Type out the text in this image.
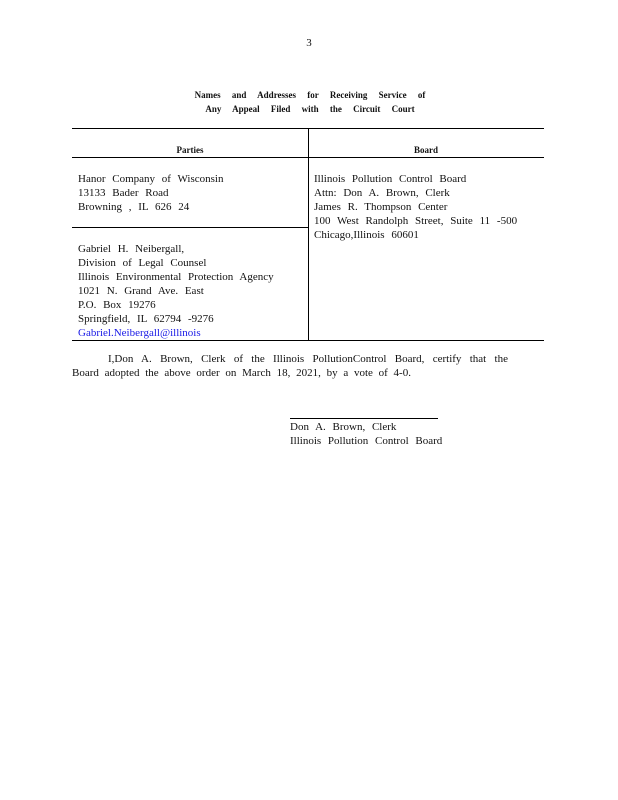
3
Names and Addresses for Receiving Service of
Any Appeal Filed with the Circuit Court
Parties	Board
Hanor Company of Wisconsin
13133 Bader Road
Browning , IL 626 24
Gabriel H. Neibergall,
Division of Legal Counsel
Illinois Environmental Protection Agency
1021 N. Grand Ave. East
P.O. Box 19276
Springfield, IL 62794 -9276
Gabriel.Neibergall@illinois
Illinois Pollution Control Board
Attn: Don A. Brown, Clerk
James R. Thompson Center
100 West Randolph Street, Suite 11 -500
Chicago,Illinois 60601
I,Don A. Brown, Clerk of the Illinois PollutionControl Board, certify that the Board adopted the above order on March 18, 2021, by a vote of 4-0.
Don A. Brown, Clerk
Illinois Pollution Control Board
